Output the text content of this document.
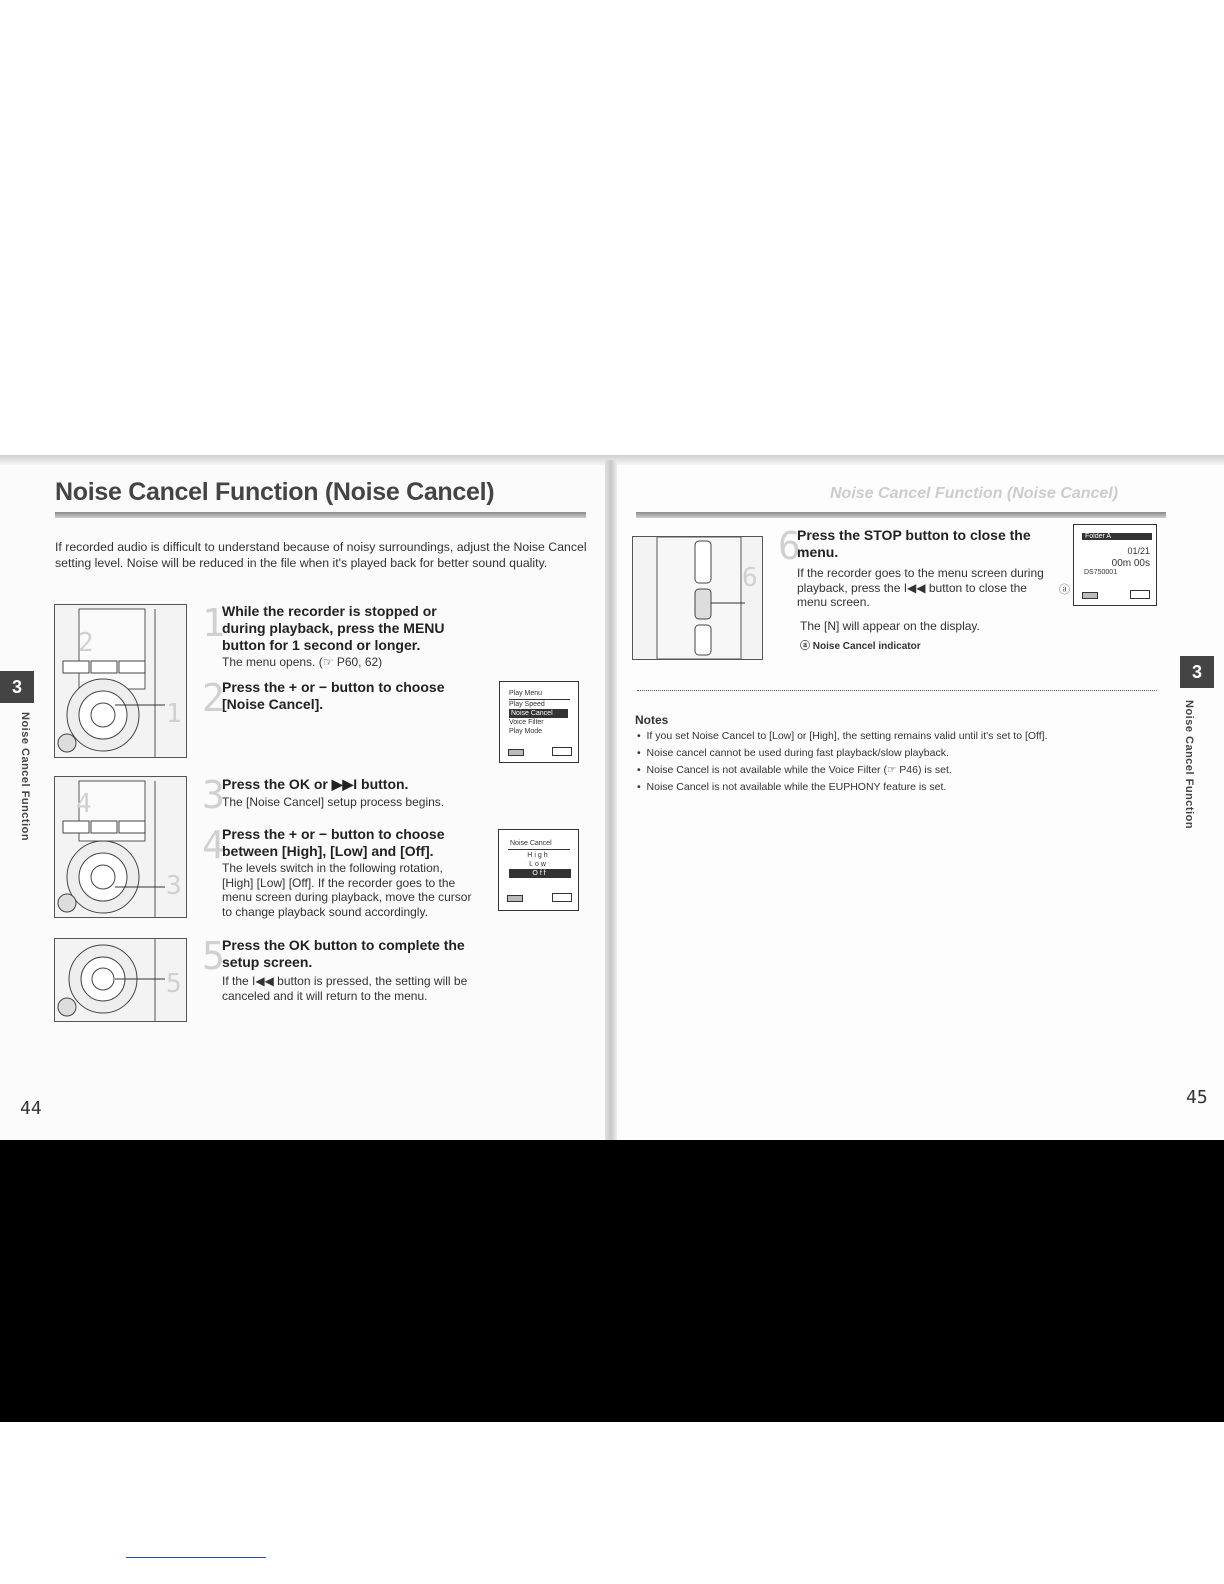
Noise Cancel Function (Noise Cancel)
If recorded audio is difficult to understand because of noisy surroundings, adjust the Noise Cancel setting level. Noise will be reduced in the file when it's played back for better sound quality.
2
1
4
3
5
1
While the recorder is stopped or during playback, press the MENU button for 1 second or longer.
The menu opens. (☞ P60, 62)
2
Press the + or − button to choose [Noise Cancel].
3
Press the OK or ▶▶I button.
The [Noise Cancel] setup process begins.
4
Press the + or − button to choose between [High], [Low] and [Off].
The levels switch in the following rotation, [High] [Low] [Off]. If the recorder goes to the menu screen during playback, move the cursor to change playback sound accordingly.
5
Press the OK button to complete the setup screen.
If the I◀◀ button is pressed, the setting will be canceled and it will return to the menu.
Play Menu
Play Speed
Noise Cancel
Voice Filter
Play Mode
Noise Cancel
High
Low
Off
3
Noise Cancel Function
44
Noise Cancel Function (Noise Cancel)
6
6
Press the STOP button to close the menu.
If the recorder goes to the menu screen during playback, press the I◀◀ button to close the menu screen.
The [N] will appear on the display.
ⓐ Noise Cancel indicator
Folder A
01/21
00m 00s
DS750001
ⓐ
Notes
•  If you set Noise Cancel to [Low] or [High], the setting remains valid until it's set to [Off].
•  Noise cancel cannot be used during fast playback/slow playback.
•  Noise Cancel is not available while the Voice Filter (☞ P46) is set.
•  Noise Cancel is not available while the EUPHONY feature is set.
3
Noise Cancel Function
45
